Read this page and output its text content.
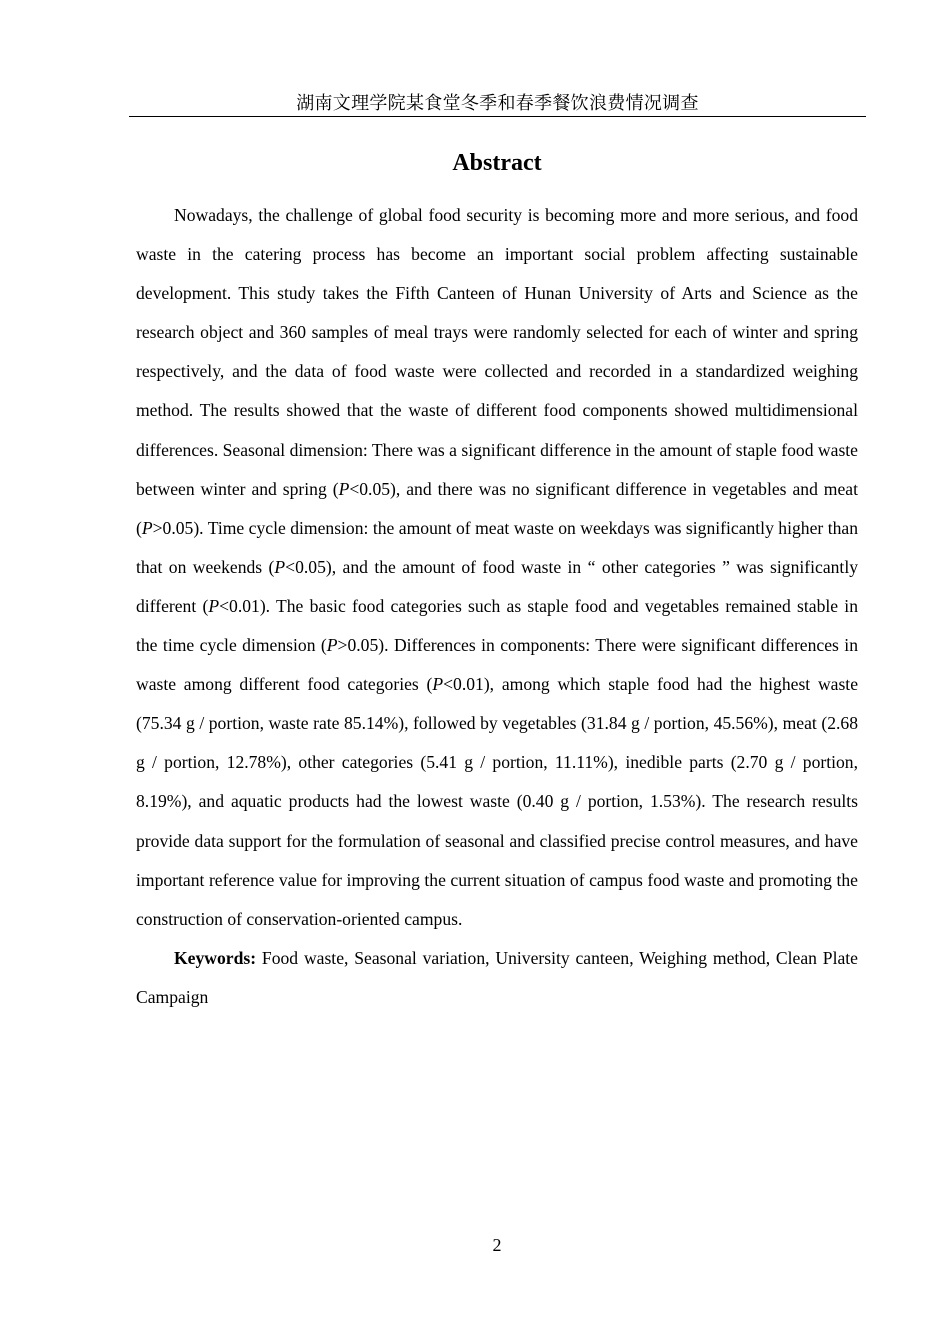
湖南文理学院某食堂冬季和春季餐饮浪费情况调查
Abstract

Nowadays, the challenge of global food security is becoming more and more serious, and food waste in the catering process has become an important social problem affecting sustainable development. This study takes the Fifth Canteen of Hunan University of Arts and Science as the research object and 360 samples of meal trays were randomly selected for each of winter and spring respectively, and the data of food waste were collected and recorded in a standardized weighing method. The results showed that the waste of different food components showed multidimensional differences. Seasonal dimension: There was a significant difference in the amount of staple food waste between winter and spring (P<0.05), and there was no significant difference in vegetables and meat (P>0.05). Time cycle dimension: the amount of meat waste on weekdays was significantly higher than that on weekends (P<0.05), and the amount of food waste in “ other categories ” was significantly different (P<0.01). The basic food categories such as staple food and vegetables remained stable in the time cycle dimension (P>0.05). Differences in components: There were significant differences in waste among different food categories (P<0.01), among which staple food had the highest waste (75.34 g / portion, waste rate 85.14%), followed by vegetables (31.84 g / portion, 45.56%), meat (2.68 g / portion, 12.78%), other categories (5.41 g / portion, 11.11%), inedible parts (2.70 g / portion, 8.19%), and aquatic products had the lowest waste (0.40 g / portion, 1.53%). The research results provide data support for the formulation of seasonal and classified precise control measures, and have important reference value for improving the current situation of campus food waste and promoting the construction of conservation-oriented campus.

Keywords: Food waste, Seasonal variation, University canteen, Weighing method, Clean Plate Campaign

2
